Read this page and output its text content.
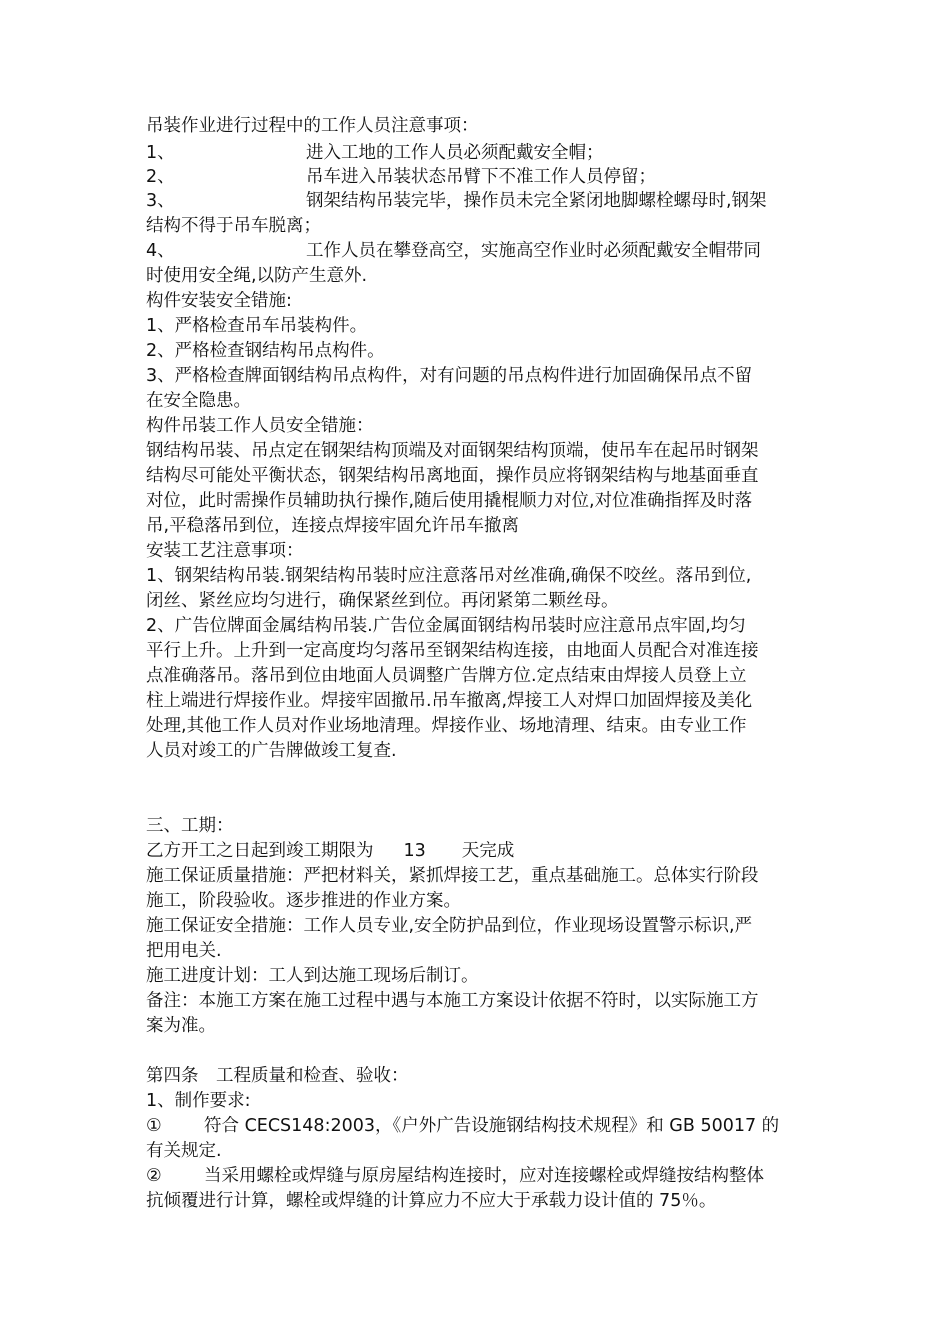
吊装作业进行过程中的工作人员注意事项：
1、	进入工地的工作人员必须配戴安全帽；
2、	吊车进入吊装状态吊臂下不准工作人员停留；
3、	钢架结构吊装完毕，操作员未完全紧闭地脚螺栓螺母时,钢架
结构不得于吊车脱离；
4、	工作人员在攀登高空，实施高空作业时必须配戴安全帽带同
时使用安全绳,以防产生意外.
构件安装安全错施:
1、严格检查吊车吊装构件。
2、严格检查钢结构吊点构件。
3、严格检查牌面钢结构吊点构件，对有问题的吊点构件进行加固确保吊点不留
在安全隐患。
构件吊装工作人员安全错施：
钢结构吊装、吊点定在钢架结构顶端及对面钢架结构顶端，使吊车在起吊时钢架
结构尽可能处平衡状态，钢架结构吊离地面，操作员应将钢架结构与地基面垂直
对位，此时需操作员辅助执行操作,随后使用撬棍顺力对位,对位准确指挥及时落
吊,平稳落吊到位，连接点焊接牢固允许吊车撤离
安装工艺注意事项：
1、钢架结构吊装.钢架结构吊装时应注意落吊对丝准确,确保不咬丝。落吊到位,
闭丝、紧丝应均匀进行，确保紧丝到位。再闭紧第二颗丝母。
2、广告位牌面金属结构吊装.广告位金属面钢结构吊装时应注意吊点牢固,均匀
平行上升。上升到一定高度均匀落吊至钢架结构连接，由地面人员配合对准连接
点准确落吊。落吊到位由地面人员调整广告牌方位.定点结束由焊接人员登上立
柱上端进行焊接作业。焊接牢固撤吊.吊车撤离,焊接工人对焊口加固焊接及美化
处理,其他工作人员对作业场地清理。焊接作业、场地清理、结束。由专业工作
人员对竣工的广告牌做竣工复查.
三、工期：
乙方开工之日起到竣工期限为 13 天完成
施工保证质量措施：严把材料关，紧抓焊接工艺，重点基础施工。总体实行阶段
施工，阶段验收。逐步推进的作业方案。
施工保证安全措施：工作人员专业,安全防护品到位，作业现场设置警示标识,严
把用电关.
施工进度计划：工人到达施工现场后制订。
备注：本施工方案在施工过程中遇与本施工方案设计依据不符时，以实际施工方
案为准。
第四条　工程质量和检查、验收：
1、制作要求:
① 符合 CECS148:2003，《户外广告设施钢结构技术规程》和 GB 50017 的
有关规定.
② 当采用螺栓或焊缝与原房屋结构连接时，应对连接螺栓或焊缝按结构整体
抗倾覆进行计算，螺栓或焊缝的计算应力不应大于承载力设计值的 75％。
